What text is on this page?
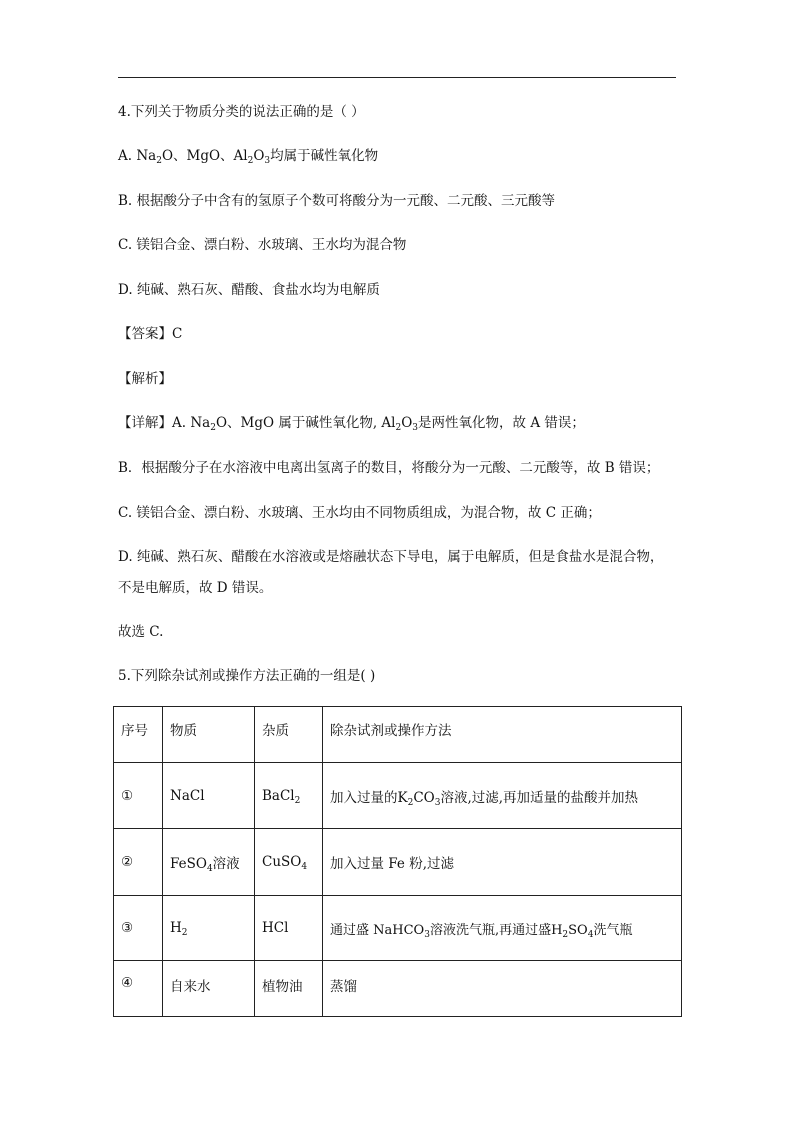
4.下列关于物质分类的说法正确的是（ ）
A. $Na_2O$、MgO、$Al_2O_3$均属于碱性氧化物
B. 根据酸分子中含有的氢原子个数可将酸分为一元酸、二元酸、三元酸等
C. 镁铝合金、漂白粉、水玻璃、王水均为混合物
D. 纯碱、熟石灰、醋酸、食盐水均为电解质
【答案】C
【解析】
【详解】A. $Na_2O$、MgO 属于碱性氧化物, $Al_2O_3$是两性氧化物，故 A 错误；
B．根据酸分子在水溶液中电离出氢离子的数目，将酸分为一元酸、二元酸等，故 B 错误；
C. 镁铝合金、漂白粉、水玻璃、王水均由不同物质组成，为混合物，故 C 正确；
D. 纯碱、熟石灰、醋酸在水溶液或是熔融状态下导电，属于电解质，但是食盐水是混合物，
不是电解质，故 D 错误。
故选 C.
5.下列除杂试剂或操作方法正确的一组是( )
序号	物质	杂质	除杂试剂或操作方法
①	NaCl	BaCl$_2$	加入过量的$K_2CO_3$溶液,过滤,再加适量的盐酸并加热
②	FeSO$_4$溶液	CuSO$_4$	加入过量 Fe 粉,过滤
③	$H_2$	HCl	通过盛 NaHCO$_3$溶液洗气瓶,再通过盛$H_2SO_4$洗气瓶
④	自来水	植物油	蒸馏
